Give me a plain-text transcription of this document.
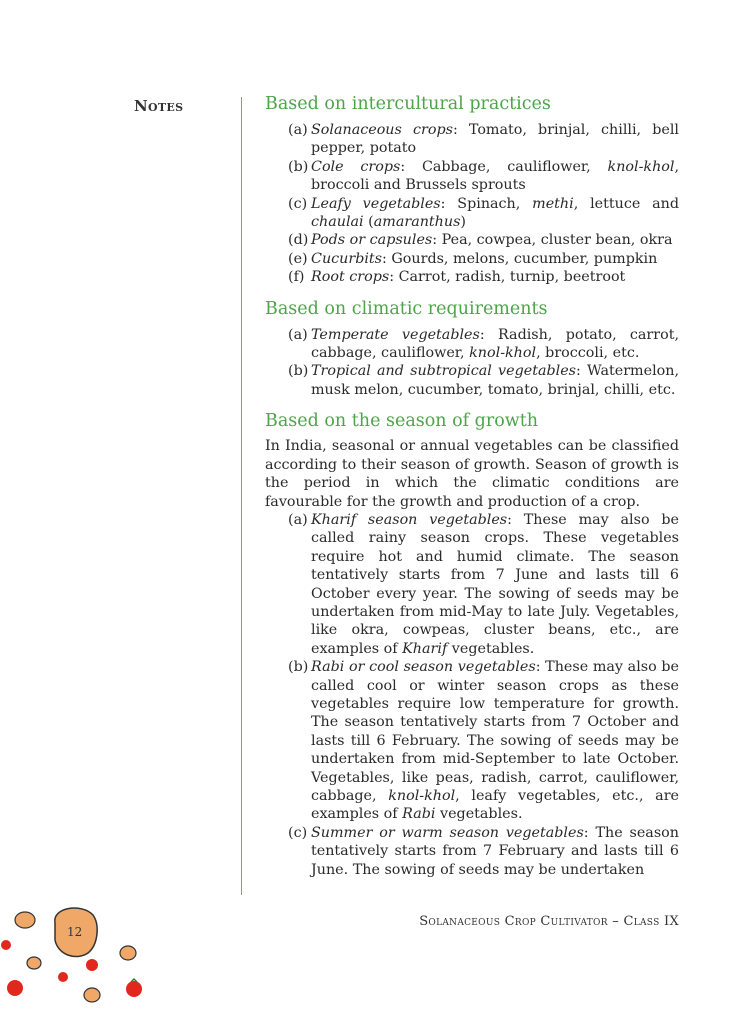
Notes	Based on intercultural practices
(a) Solanaceous crops: Tomato, brinjal, chilli, bell pepper, potato
(b) Cole crops: Cabbage, cauliflower, knol-khol, broccoli and Brussels sprouts
(c) Leafy vegetables: Spinach, methi, lettuce and chaulai (amaranthus)
(d) Pods or capsules: Pea, cowpea, cluster bean, okra
(e) Cucurbits: Gourds, melons, cucumber, pumpkin
(f) Root crops: Carrot, radish, turnip, beetroot
Based on climatic requirements
(a) Temperate vegetables: Radish, potato, carrot, cabbage, cauliflower, knol-khol, broccoli, etc.
(b) Tropical and subtropical vegetables: Watermelon, musk melon, cucumber, tomato, brinjal, chilli, etc.
Based on the season of growth

In India, seasonal or annual vegetables can be classified according to their season of growth. Season of growth is the period in which the climatic conditions are favourable for the growth and production of a crop.

(a) Kharif season vegetables: These may also be called rainy season crops. These vegetables require hot and humid climate. The season tentatively starts from 7 June and lasts till 6 October every year. The sowing of seeds may be undertaken from mid-May to late July. Vegetables, like okra, cowpeas, cluster beans, etc., are examples of Kharif vegetables.
(b) Rabi or cool season vegetables: These may also be called cool or winter season crops as these vegetables require low temperature for growth. The season tentatively starts from 7 October and lasts till 6 February. The sowing of seeds may be undertaken from mid-September to late October. Vegetables, like peas, radish, carrot, cauliflower, cabbage, knol-khol, leafy vegetables, etc., are examples of Rabi vegetables.
(c) Summer or warm season vegetables: The season tentatively starts from 7 February and lasts till 6 June. The sowing of seeds may be undertaken
12
Solanaceous Crop Cultivator – Class IX
